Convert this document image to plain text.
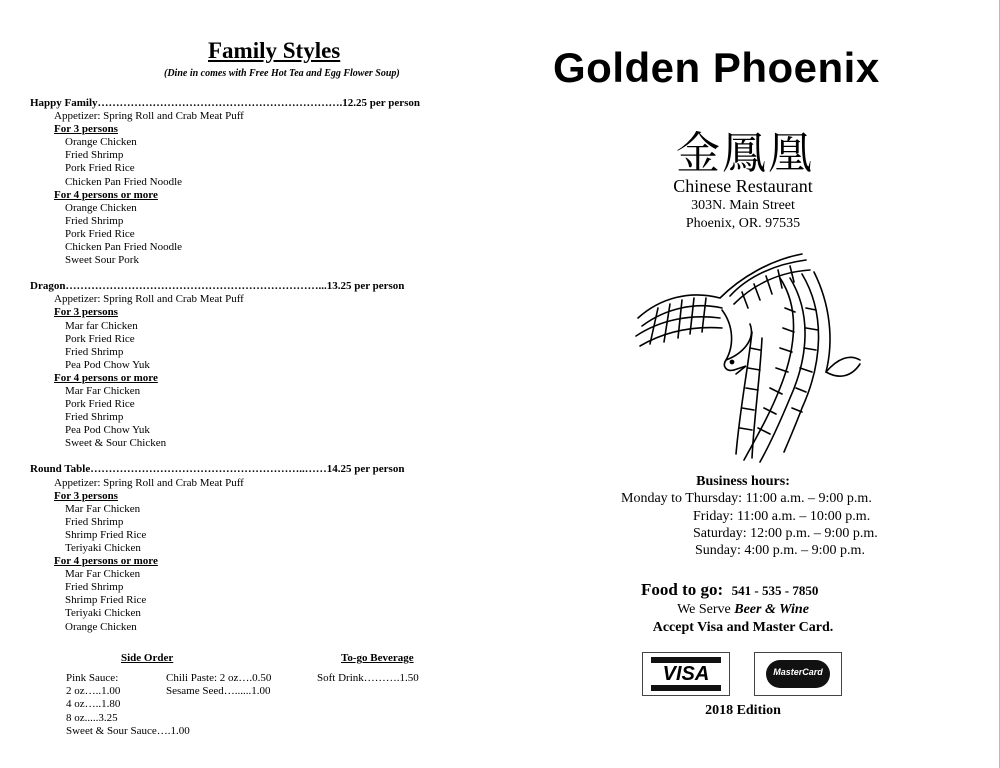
Family Styles
(Dine in comes with Free Hot Tea and Egg Flower Soup)
Happy Family………………………………………………………….12.25 per person
Appetizer: Spring Roll and Crab Meat Puff
For 3 persons
Orange Chicken
Fried Shrimp
Pork Fried Rice
Chicken Pan Fried Noodle
For 4 persons or more
Orange Chicken
Fried Shrimp
Pork Fried Rice
Chicken Pan Fried Noodle
Sweet Sour Pork
Dragon……………………………………………………………...13.25 per person
Appetizer: Spring Roll and Crab Meat Puff
For 3 persons
Mar far Chicken
Pork Fried Rice
Fried Shrimp
Pea Pod Chow Yuk
For 4 persons or more
Mar Far Chicken
Pork Fried Rice
Fried Shrimp
Pea Pod Chow Yuk
Sweet & Sour Chicken
Round Table…………………………………………………..……14.25 per person
Appetizer: Spring Roll and Crab Meat Puff
For 3 persons
Mar Far Chicken
Fried Shrimp
Shrimp Fried Rice
Teriyaki Chicken
For 4 persons or more
Mar Far Chicken
Fried Shrimp
Shrimp Fried Rice
Teriyaki Chicken
Orange Chicken
Side Order	To-go Beverage
Pink Sauce:
2 oz…..1.00
4 oz…..1.80
8 oz.....3.25
Sweet & Sour Sauce….1.00
Chili Paste: 2 oz….0.50
Sesame Seed…......1.00
Soft Drink……….1.50
Golden Phoenix
金鳳凰
Chinese Restaurant
303N. Main Street
Phoenix, OR. 97535
Business hours:
Monday to Thursday: 11:00 a.m. – 9:00 p.m.
Friday: 11:00 a.m. – 10:00 p.m.
Saturday: 12:00 p.m. – 9:00 p.m.
Sunday: 4:00 p.m. – 9:00 p.m.
Food to go: 541 - 535 - 7850
We Serve Beer & Wine
Accept Visa and Master Card.
VISA	MasterCard
2018 Edition
